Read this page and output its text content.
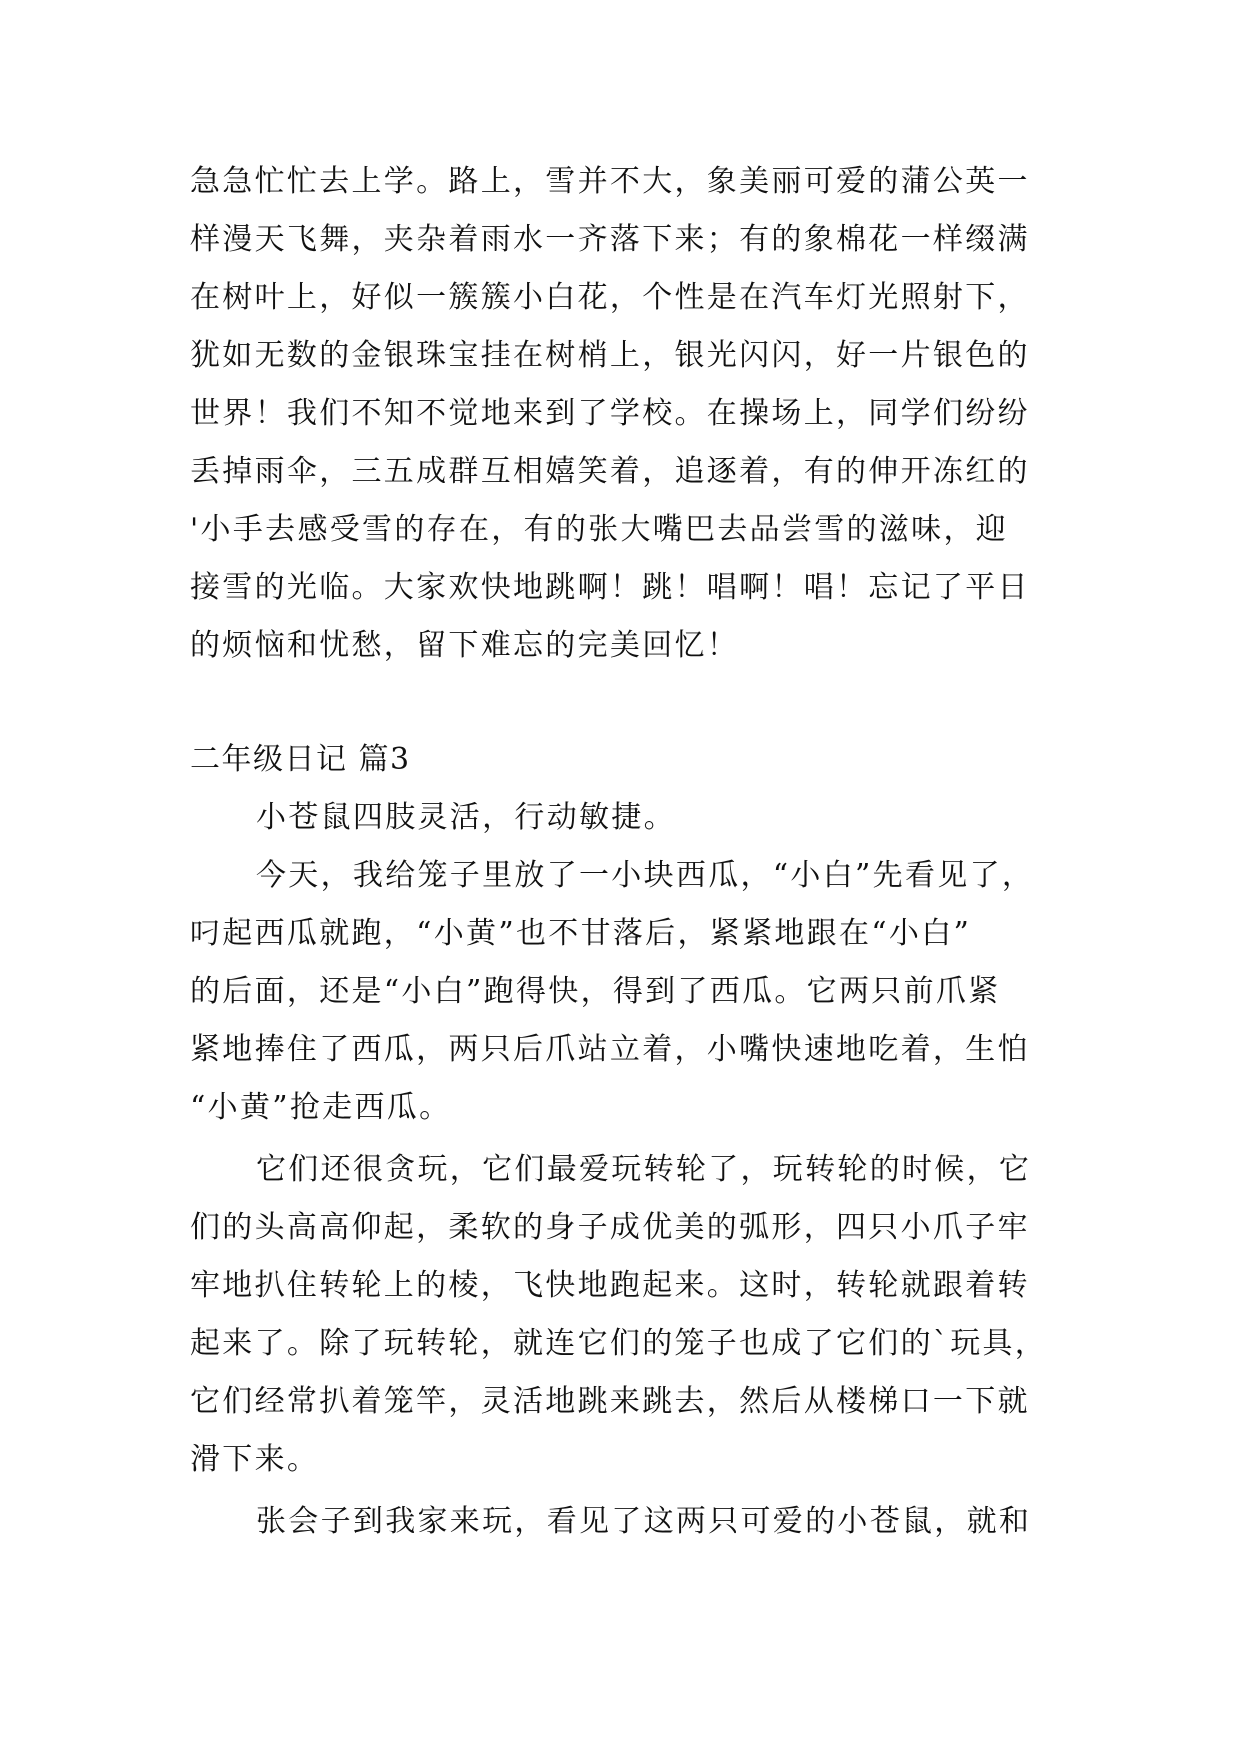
急急忙忙去上学。路上，雪并不大，象美丽可爱的蒲公英一
样漫天飞舞，夹杂着雨水一齐落下来；有的象棉花一样缀满
在树叶上，好似一簇簇小白花，个性是在汽车灯光照射下，
犹如无数的金银珠宝挂在树梢上，银光闪闪，好一片银色的
世界！我们不知不觉地来到了学校。在操场上，同学们纷纷
丢掉雨伞，三五成群互相嬉笑着，追逐着，有的伸开冻红的
'小手去感受雪的存在，有的张大嘴巴去品尝雪的滋味，迎
接雪的光临。大家欢快地跳啊！跳！唱啊！唱！忘记了平日
的烦恼和忧愁，留下难忘的完美回忆！
二年级日记 篇3
小苍鼠四肢灵活，行动敏捷。
今天，我给笼子里放了一小块西瓜，“小白”先看见了，
叼起西瓜就跑，“小黄”也不甘落后，紧紧地跟在“小白”
的后面，还是“小白”跑得快，得到了西瓜。它两只前爪紧
紧地捧住了西瓜，两只后爪站立着，小嘴快速地吃着，生怕
“小黄”抢走西瓜。
它们还很贪玩，它们最爱玩转轮了，玩转轮的时候，它
们的头高高仰起，柔软的身子成优美的弧形，四只小爪子牢
牢地扒住转轮上的棱，飞快地跑起来。这时，转轮就跟着转
起来了。除了玩转轮，就连它们的笼子也成了它们的`玩具，
它们经常扒着笼竿，灵活地跳来跳去，然后从楼梯口一下就
滑下来。
张会子到我家来玩，看见了这两只可爱的小苍鼠，就和
